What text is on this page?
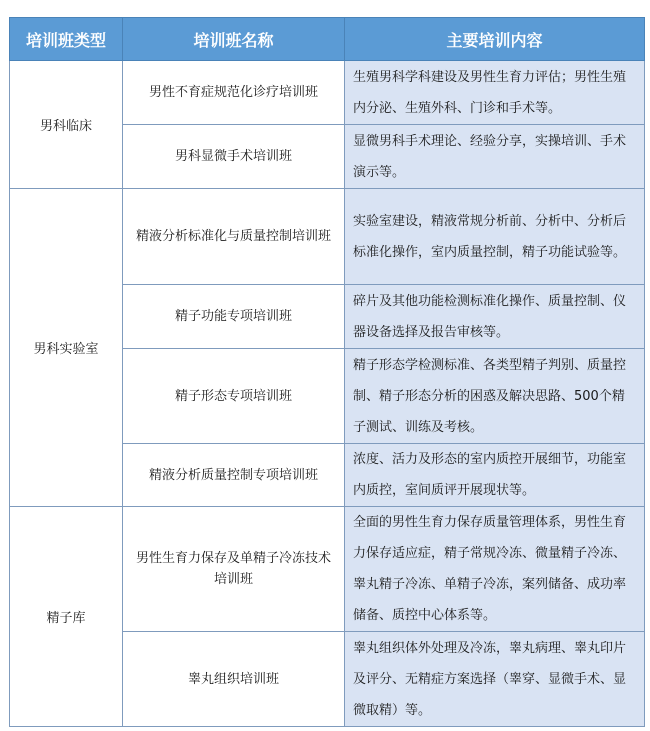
培训班类型	培训班名称	主要培训内容
男科临床	男性不育症规范化诊疗培训班	生殖男科学科建设及男性生育力评估；男性生殖内分泌、生殖外科、门诊和手术等。
	男科显微手术培训班	显微男科手术理论、经验分享，实操培训、手术演示等。
男科实验室	精液分析标准化与质量控制培训班	实验室建设，精液常规分析前、分析中、分析后标准化操作，室内质量控制，精子功能试验等。
	精子功能专项培训班	碎片及其他功能检测标准化操作、质量控制、仪器设备选择及报告审核等。
	精子形态专项培训班	精子形态学检测标准、各类型精子判别、质量控制、精子形态分析的困惑及解决思路、500个精子测试、训练及考核。
	精液分析质量控制专项培训班	浓度、活力及形态的室内质控开展细节，功能室内质控，室间质评开展现状等。
精子库	男性生育力保存及单精子冷冻技术培训班	全面的男性生育力保存质量管理体系，男性生育力保存适应症，精子常规冷冻、微量精子冷冻、睾丸精子冷冻、单精子冷冻，案列储备、成功率储备、质控中心体系等。
	睾丸组织培训班	睾丸组织体外处理及冷冻，睾丸病理、睾丸印片及评分、无精症方案选择（睾穿、显微手术、显微取精）等。
